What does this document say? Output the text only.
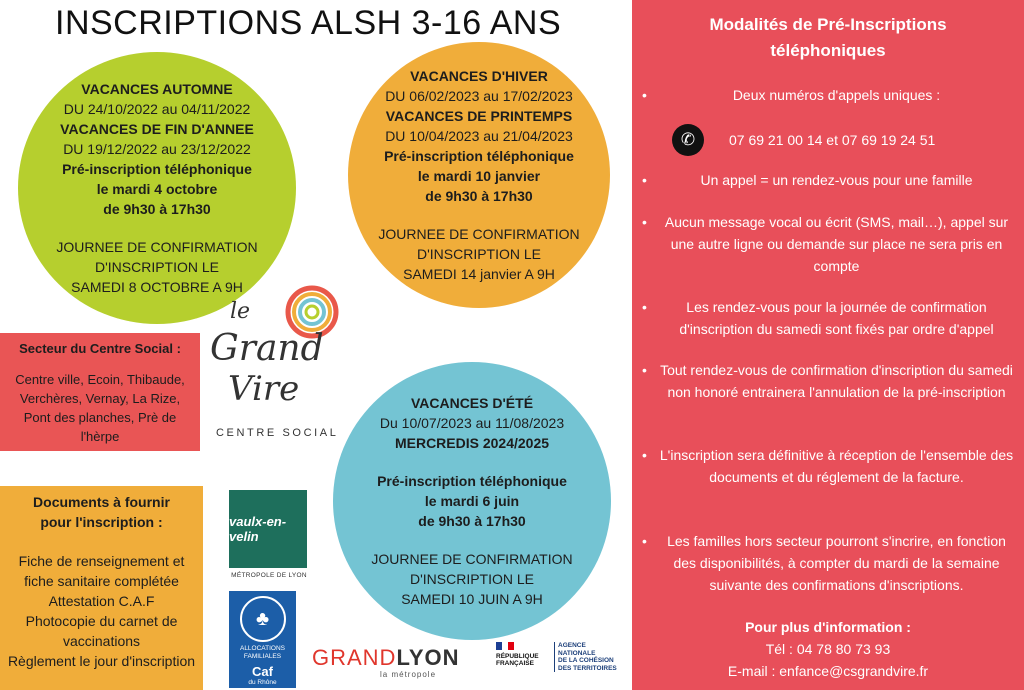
INSCRIPTIONS ALSH 3-16 ANS
VACANCES AUTOMNE
DU 24/10/2022 au 04/11/2022
VACANCES DE FIN D'ANNEE
DU 19/12/2022 au 23/12/2022
Pré-inscription téléphonique
le mardi 4 octobre
de 9h30 à 17h30
JOURNEE DE CONFIRMATION
D'INSCRIPTION LE
SAMEDI 8 OCTOBRE A 9H
VACANCES D'HIVER
DU 06/02/2023 au 17/02/2023
VACANCES DE PRINTEMPS
DU 10/04/2023 au 21/04/2023
Pré-inscription téléphonique
le mardi 10 janvier
de 9h30 à 17h30
JOURNEE DE CONFIRMATION
D'INSCRIPTION LE
SAMEDI 14 janvier A 9H
VACANCES D'ÉTÉ
Du 10/07/2023 au 11/08/2023
MERCREDIS 2024/2025
Pré-inscription téléphonique
le mardi 6 juin
de 9h30 à 17h30
JOURNEE DE CONFIRMATION
D'INSCRIPTION LE
SAMEDI 10 JUIN A 9H
Secteur du Centre Social :
Centre ville, Ecoin, Thibaude,
Verchères, Vernay, La Rize,
Pont des planches, Prè de
l'hèrpe
Documents à fournir
pour l'inscription :
Fiche de renseignement et
fiche sanitaire complétée
Attestation C.A.F
Photocopie du carnet de
vaccinations
Règlement le jour d'inscription
le
Grand
Vire
CENTRE SOCIAL
vaulx-en-velin
MÉTROPOLE DE LYON
♣
ALLOCATIONS
FAMILIALES
Caf
du Rhône
GRANDLYON
la métropole
RÉPUBLIQUE
FRANÇAISE
AGENCE
NATIONALE
DE LA COHÉSION
DES TERRITOIRES
Modalités de Pré-Inscriptions
téléphoniques
•	Deux numéros d'appels uniques :
✆	07 69 21 00 14 et 07 69 19 24 51
•	Un appel = un rendez-vous pour une famille
• Aucun message vocal ou écrit (SMS, mail…), appel sur une autre ligne ou demande sur place ne sera pris en compte
•	Les rendez-vous pour la journée de confirmation d'inscription du samedi sont fixés par ordre d'appel
• Tout rendez-vous de confirmation d'inscription du samedi non honoré entrainera l'annulation de la pré-inscription
• L'inscription sera définitive à réception de l'ensemble des documents et du réglement de la facture.
• Les familles hors secteur pourront s'incrire, en fonction des disponibilités, à compter du mardi de la semaine suivante des confirmations d'inscriptions.
Pour plus d'information :
Tél : 04 78 80 73 93
E-mail : enfance@csgrandvire.fr
